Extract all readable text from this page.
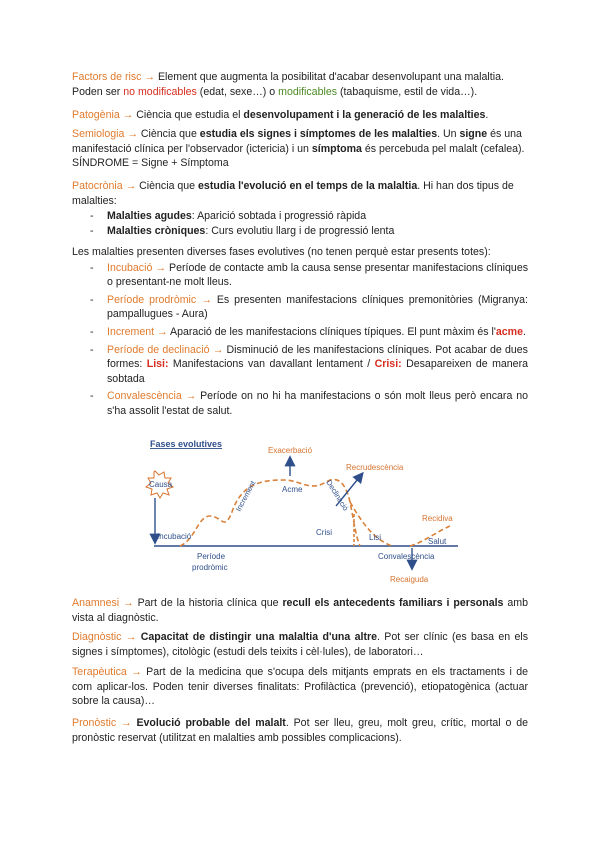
Factors de risc → Element que augmenta la posibilitat d'acabar desenvolupant una malaltia. Poden ser no modificables (edat, sexe…) o modificables (tabaquisme, estil de vida…).

Patogènia → Ciència que estudia el desenvolupament i la generació de les malalties.

Semiologia → Ciència que estudia els signes i símptomes de les malalties. Un signe és una manifestació clínica per l'observador (ictericia) i un símptoma és percebuda pel malalt (cefalea). SÍNDROME = Signe + Símptoma

Patocrònia → Ciència que estudia l'evolució en el temps de la malaltia. Hi han dos tipus de malalties:

- Malalties agudes: Aparició sobtada i progressió ràpida
- Malalties cròniques: Curs evolutiu llarg i de progressió lenta

Les malalties presenten diverses fases evolutives (no tenen perquè estar presents totes):

- Incubació → Període de contacte amb la causa sense presentar manifestacions clíniques o presentant-ne molt lleus.
- Període prodròmic → Es presenten manifestacions clíniques premonitòries (Migranya: pampallugues - Aura)
- Increment → Aparació de les manifestacions clíniques típiques. El punt màxim és l'acme.
- Període de declinació → Disminució de les manifestacions clíniques. Pot acabar de dues formes: Lisi: Manifestacions van davallant lentament / Crisi: Desapareixen de manera sobtada
- Convalescència → Període on no hi ha manifestacions o són molt lleus però encara no s'ha assolit l'estat de salut.
Fases evolutives
Causa
Exacerbació
Recrudescència
Increment	Acme	Declinació
Crisi
Lisi
Incubació
Període
prodròmic
Recidiva
Salut
Convalescència
Recaiguda

Anamnesi → Part de la historia clínica que recull els antecedents familiars i personals amb vista al diagnòstic.

Diagnòstic → Capacitat de distingir una malaltia d'una altre. Pot ser clínic (es basa en els signes i símptomes), citològic (estudi dels teixits i cèl·lules), de laboratori…

Terapèutica → Part de la medicina que s'ocupa dels mitjants emprats en els tractaments i de com aplicar-los. Poden tenir diverses finalitats: Profilàctica (prevenció), etiopatogènica (actuar sobre la causa)…

Pronòstic → Evolució probable del malalt. Pot ser lleu, greu, molt greu, crític, mortal o de pronòstic reservat (utilitzat en malalties amb possibles complicacions).
